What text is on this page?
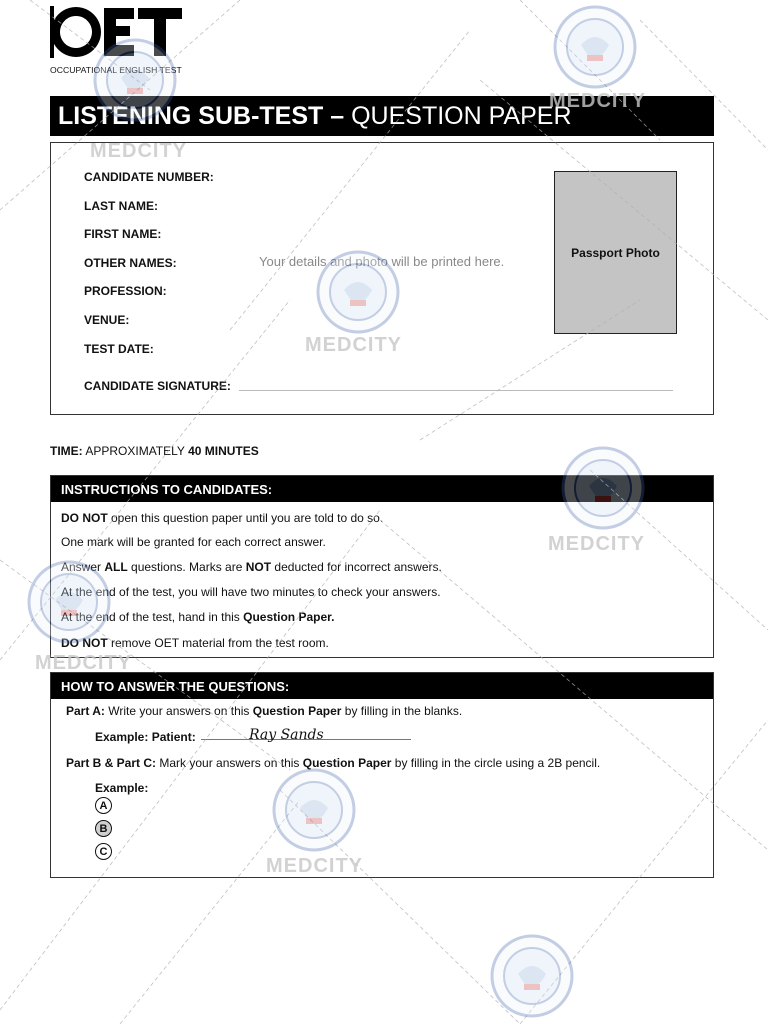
OCCUPATIONAL ENGLISH TEST
LISTENING SUB-TEST –
QUESTION PAPER
CANDIDATE NUMBER:
LAST NAME:
FIRST NAME:
OTHER NAMES:
PROFESSION:
VENUE:
TEST DATE:
Your details and photo will be printed here.
CANDIDATE SIGNATURE:
Passport Photo
TIME: APPROXIMATELY 40 MINUTES
INSTRUCTIONS TO CANDIDATES:
DO NOT open this question paper until you are told to do so.
One mark will be granted for each correct answer.
Answer ALL questions. Marks are NOT deducted for incorrect answers.
At the end of the test, you will have two minutes to check your answers.
At the end of the test, hand in this Question Paper.
DO NOT remove OET material from the test room.
HOW TO ANSWER THE QUESTIONS:
Part A: Write your answers on this Question Paper by filling in the blanks.
Example: Patient:	Ray Sands
Part B & Part C: Mark your answers on this Question Paper by filling in the circle using a 2B pencil.
Example:
A
B
C
MEDCITY
MEDCITY
MEDCITY
MEDCITY
MEDCITY
MEDCITY
